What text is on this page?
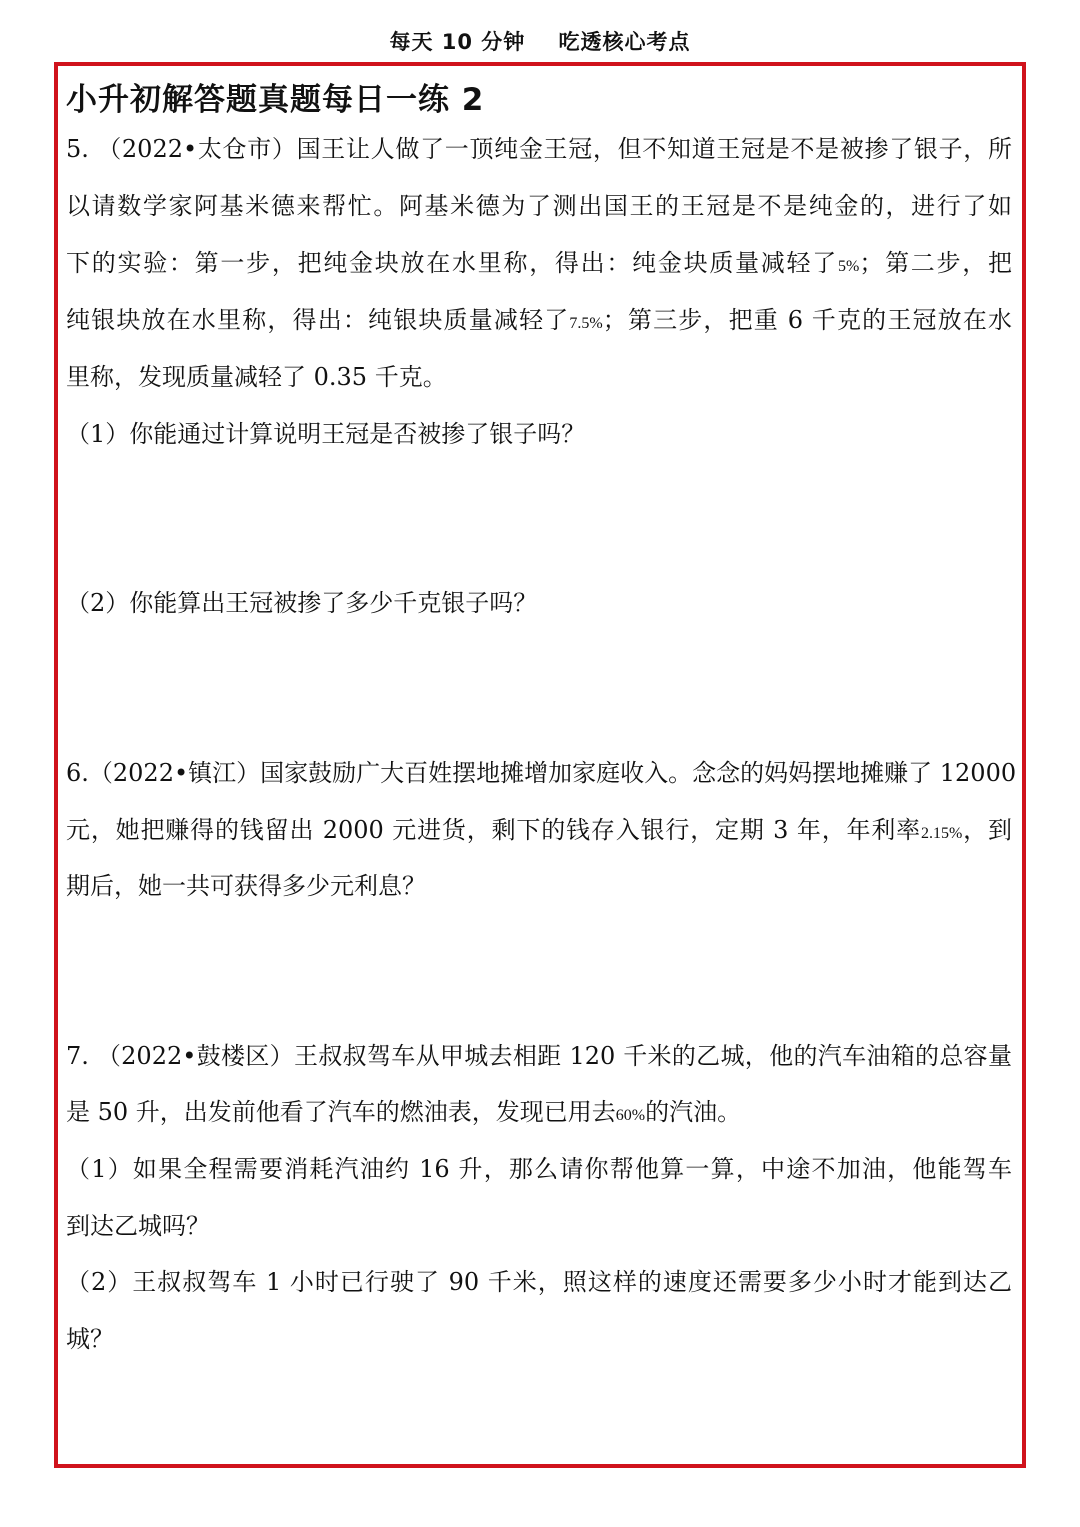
每天 10 分钟    吃透核心考点
小升初解答题真题每日一练 2
5. （2022•太仓市）国王让人做了一顶纯金王冠，但不知道王冠是不是被掺了银子，所
以请数学家阿基米德来帮忙。阿基米德为了测出国王的王冠是不是纯金的，进行了如
下的实验：第一步，把纯金块放在水里称，得出：纯金块质量减轻了5%；第二步，把
纯银块放在水里称，得出：纯银块质量减轻了7.5%；第三步，把重 6 千克的王冠放在水
里称，发现质量减轻了 0.35 千克。
（1）你能通过计算说明王冠是否被掺了银子吗？
（2）你能算出王冠被掺了多少千克银子吗？
6.（2022•镇江）国家鼓励广大百姓摆地摊增加家庭收入。念念的妈妈摆地摊赚了 12000
元，她把赚得的钱留出 2000 元进货，剩下的钱存入银行，定期 3 年，年利率2.15%，到
期后，她一共可获得多少元利息？
7. （2022•鼓楼区）王叔叔驾车从甲城去相距 120 千米的乙城，他的汽车油箱的总容量
是 50 升，出发前他看了汽车的燃油表，发现已用去60%的汽油。
（1）如果全程需要消耗汽油约 16 升，那么请你帮他算一算，中途不加油，他能驾车
到达乙城吗？
（2）王叔叔驾车 1 小时已行驶了 90 千米，照这样的速度还需要多少小时才能到达乙
城？
